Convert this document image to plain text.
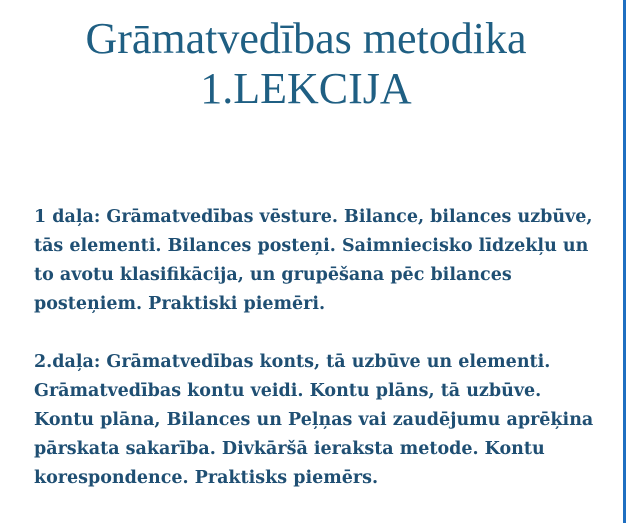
Grāmatvedības metodika
1.LEKCIJA

1 daļa: Grāmatvedības vēsture. Bilance, bilances uzbūve, tās elementi. Bilances posteņi. Saimniecisko līdzekļu un to avotu klasifikācija, un grupēšana pēc bilances posteņiem. Praktiski piemēri.

2.daļa: Grāmatvedības konts, tā uzbūve un elementi. Grāmatvedības kontu veidi. Kontu plāns, tā uzbūve. Kontu plāna, Bilances un Peļņas vai zaudējumu aprēķina pārskata sakarība. Divkāršā ieraksta metode. Kontu korespondence. Praktisks piemērs.
